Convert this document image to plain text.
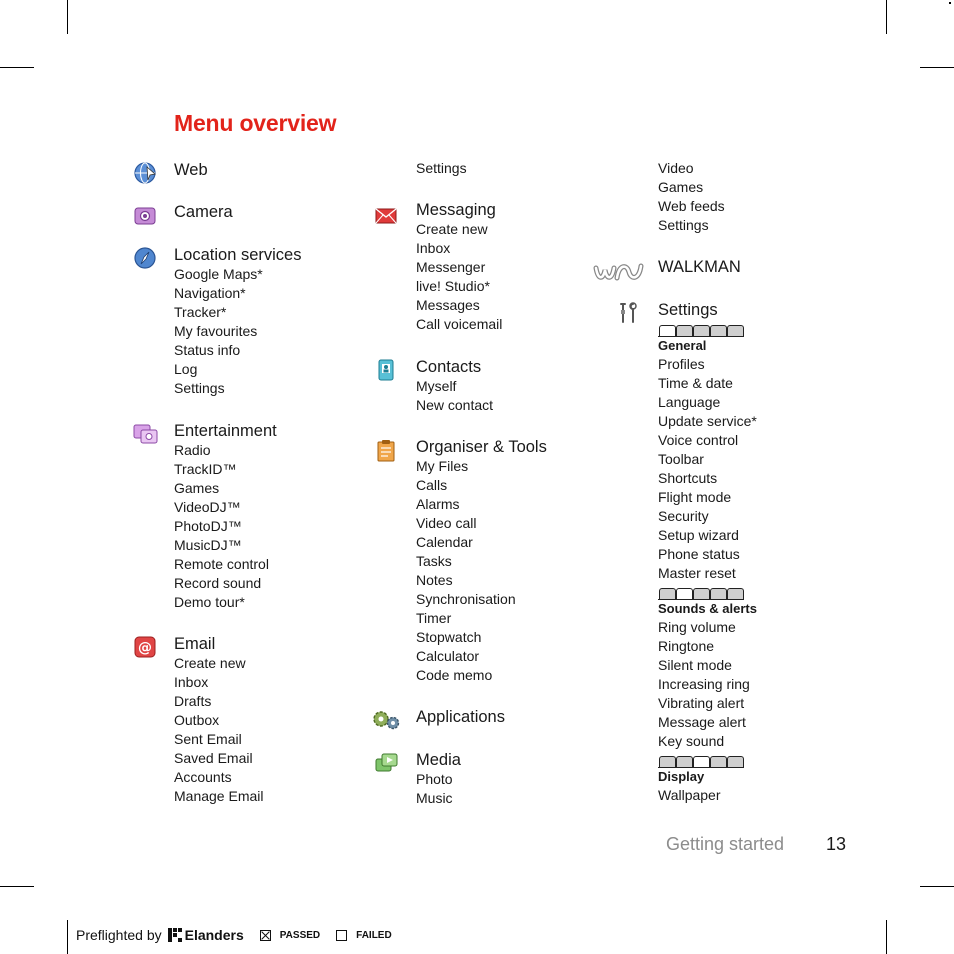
Menu overview
Web
Camera
Location services
Google Maps*
Navigation*
Tracker*
My favourites
Status info
Log
Settings
Entertainment
Radio
TrackID™
Games
VideoDJ™
PhotoDJ™
MusicDJ™
Remote control
Record sound
Demo tour*
@ Email
Create new
Inbox
Drafts
Outbox
Sent Email
Saved Email
Accounts
Manage Email
Settings
Messaging
Create new
Inbox
Messenger
live! Studio*
Messages
Call voicemail
Contacts
Myself
New contact
Organiser & Tools
My Files
Calls
Alarms
Video call
Calendar
Tasks
Notes
Synchronisation
Timer
Stopwatch
Calculator
Code memo
Applications
Media
Photo
Music
Video
Games
Web feeds
Settings
WALKMAN
Settings
General
Profiles
Time & date
Language
Update service*
Voice control
Toolbar
Shortcuts
Flight mode
Security
Setup wizard
Phone status
Master reset
Sounds & alerts
Ring volume
Ringtone
Silent mode
Increasing ring
Vibrating alert
Message alert
Key sound
Display
Wallpaper
Getting started 13
Preflighted by Elanders	PASSED	FAILED
